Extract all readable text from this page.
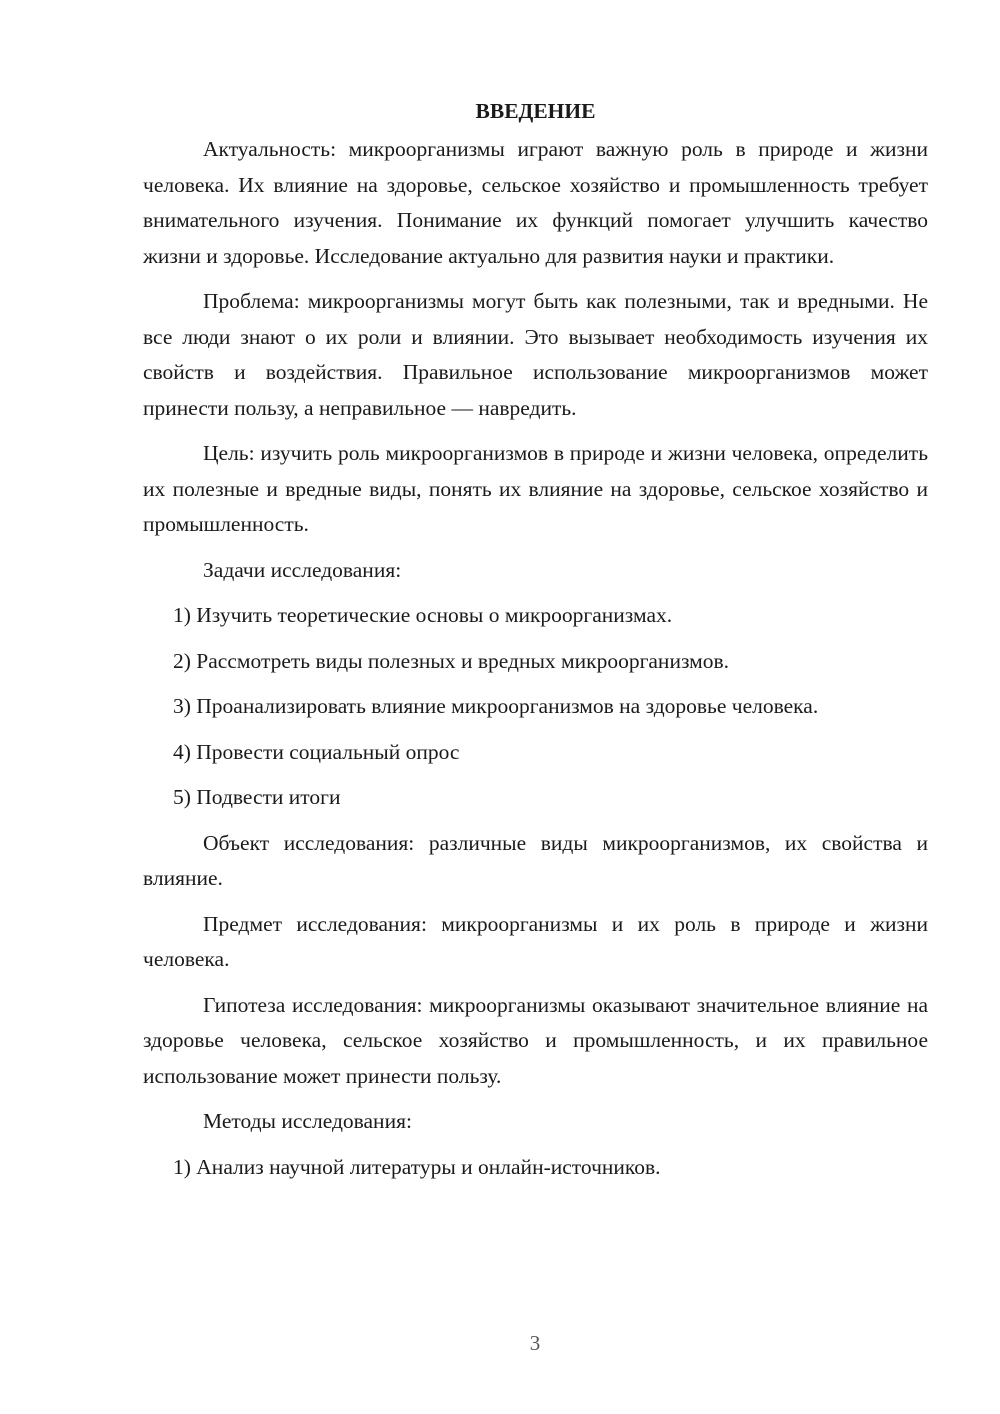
ВВЕДЕНИЕ

Актуальность: микроорганизмы играют важную роль в природе и жизни человека. Их влияние на здоровье, сельское хозяйство и промышленность требует внимательного изучения. Понимание их функций помогает улучшить качество жизни и здоровье. Исследование актуально для развития науки и практики.

Проблема: микроорганизмы могут быть как полезными, так и вредными. Не все люди знают о их роли и влиянии. Это вызывает необходимость изучения их свойств и воздействия. Правильное использование микроорганизмов может принести пользу, а неправильное — навредить.

Цель: изучить роль микроорганизмов в природе и жизни человека, определить их полезные и вредные виды, понять их влияние на здоровье, сельское хозяйство и промышленность.

Задачи исследования:

1) Изучить теоретические основы о микроорганизмах.

2) Рассмотреть виды полезных и вредных микроорганизмов.

3) Проанализировать влияние микроорганизмов на здоровье человека.

4) Провести социальный опрос

5) Подвести итоги

Объект исследования: различные виды микроорганизмов, их свойства и влияние.

Предмет исследования: микроорганизмы и их роль в природе и жизни человека.

Гипотеза исследования: микроорганизмы оказывают значительное влияние на здоровье человека, сельское хозяйство и промышленность, и их правильное использование может принести пользу.

Методы исследования:

1) Анализ научной литературы и онлайн-источников.

3
